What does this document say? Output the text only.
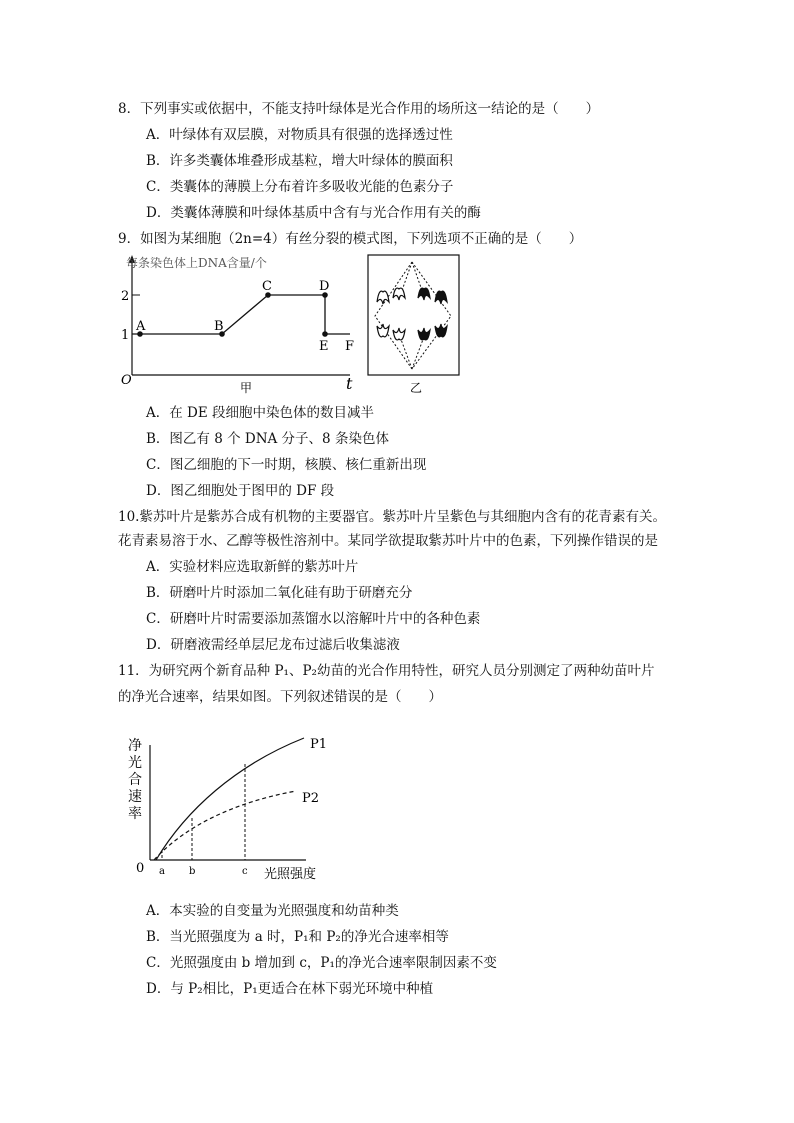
8．下列事实或依据中，不能支持叶绿体是光合作用的场所这一结论的是（　　）
A．叶绿体有双层膜，对物质具有很强的选择透过性
B．许多类囊体堆叠形成基粒，增大叶绿体的膜面积
C．类囊体的薄膜上分布着许多吸收光能的色素分子
D．类囊体薄膜和叶绿体基质中含有与光合作用有关的酶
9．如图为某细胞（2n=4）有丝分裂的模式图，下列选项不正确的是（　　）
每条染色体上DNA含量/个
2
1
O	t
A	B
C	D
E F
甲	乙
A．在 DE 段细胞中染色体的数目减半
B．图乙有 8 个 DNA 分子、8 条染色体
C．图乙细胞的下一时期，核膜、核仁重新出现
D．图乙细胞处于图甲的 DF 段
10.紫苏叶片是紫苏合成有机物的主要器官。紫苏叶片呈紫色与其细胞内含有的花青素有关。
花青素易溶于水、乙醇等极性溶剂中。某同学欲提取紫苏叶片中的色素，下列操作错误的是
A．实验材料应选取新鲜的紫苏叶片
B．研磨叶片时添加二氧化硅有助于研磨充分
C．研磨叶片时需要添加蒸馏水以溶解叶片中的各种色素
D．研磨液需经单层尼龙布过滤后收集滤液
11．为研究两个新育品种 P₁、P₂幼苗的光合作用特性，研究人员分别测定了两种幼苗叶片
的净光合速率，结果如图。下列叙述错误的是（　　）
净
光
合
速
率
0 a b	c
P1
P2
光照强度
A．本实验的自变量为光照强度和幼苗种类
B．当光照强度为 a 时，P₁和 P₂的净光合速率相等
C．光照强度由 b 增加到 c，P₁的净光合速率限制因素不变
D．与 P₂相比，P₁更适合在林下弱光环境中种植
